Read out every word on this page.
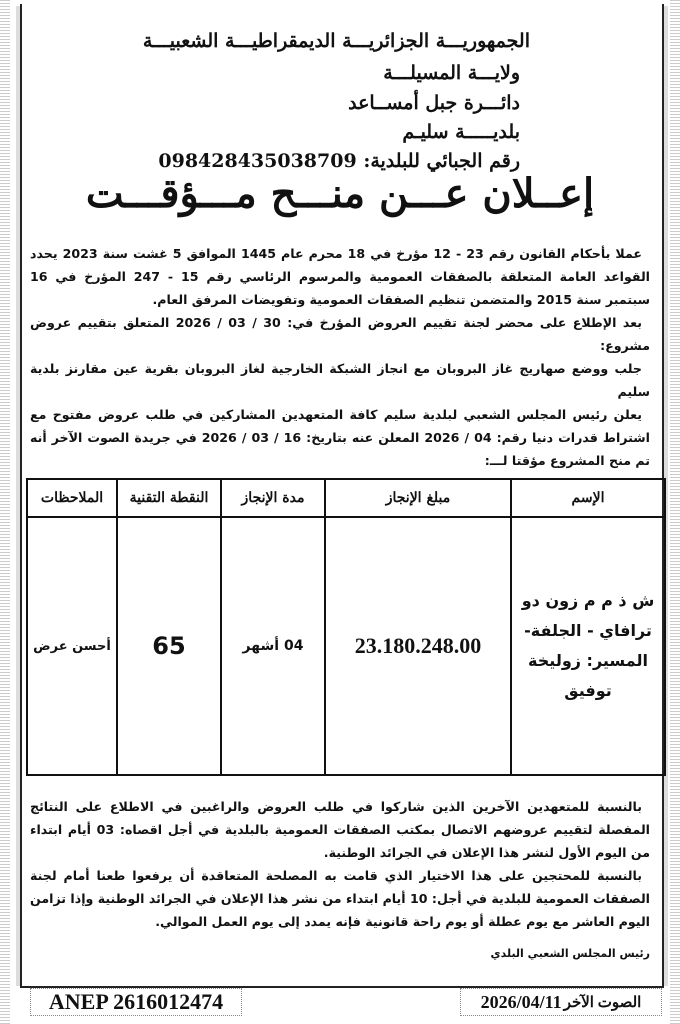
الجمهوريـــة الجزائريـــة الديمقراطيـــة الشعبيـــة
ولايـــة المسيلـــة
دائـــرة جبل أمســاعد
بلديـــــة سليـم
رقم الجبائي للبلدية: 098428435038709
إعــلان عـــن منـــح مـــؤقـــت

عملا بأحكام القانون رقم 23 - 12 مؤرخ في 18 محرم عام 1445 الموافق 5 غشت سنة 2023 يحدد القواعد العامة المتعلقة بالصفقات العمومية والمرسوم الرئاسي رقم 15 - 247 المؤرخ في 16 سبتمبر سنة 2015 والمتضمن تنظيم الصفقات العمومية وتفويضات المرفق العام.

بعد الإطلاع على محضر لجنة تقييم العروض المؤرخ في: 30 / 03 / 2026 المتعلق بتقييم عروض مشروع:

جلب ووضع صهاريج غاز البروبان مع انجاز الشبكة الخارجية لغاز البروبان بقرية عين مقارنز بلدية سليم

يعلن رئيس المجلس الشعبي لبلدية سليم كافة المتعهدين المشاركين في طلب عروض مفتوح مع اشتراط قدرات دنيا رقم: 04 / 2026 المعلن عنه بتاريخ: 16 / 03 / 2026 في جريدة الصوت الآخر أنه تم منح المشروع مؤقتا لـــ:

الإسم	مبلغ الإنجاز	مدة الإنجاز	النقطة التقنية	الملاحظات
ش ذ م م زون دو ترافاي - الجلفة- المسير: زوليخة توفيق	23.180.248.00	04 أشهر	65	أحسن عرض

بالنسبة للمتعهدين الآخرين الذين شاركوا في طلب العروض والراغبين في الاطلاع على النتائج المفصلة لتقييم عروضهم الاتصال بمكتب الصفقات العمومية بالبلدية في أجل اقصاه: 03 أيام ابتداء من اليوم الأول لنشر هذا الإعلان في الجرائد الوطنية.

بالنسبة للمحتجين على هذا الاختيار الذي قامت به المصلحة المتعاقدة أن يرفعوا طعنا أمام لجنة الصفقات العمومية للبلدية في أجل: 10 أيام ابتداء من نشر هذا الإعلان في الجرائد الوطنية وإذا تزامن اليوم العاشر مع يوم عطلة أو يوم راحة قانونية فإنه يمدد إلى يوم العمل الموالي.

رئيس المجلس الشعبي البلدي
ANEP 2616012474	الصوت الآخر
2026/04/11
